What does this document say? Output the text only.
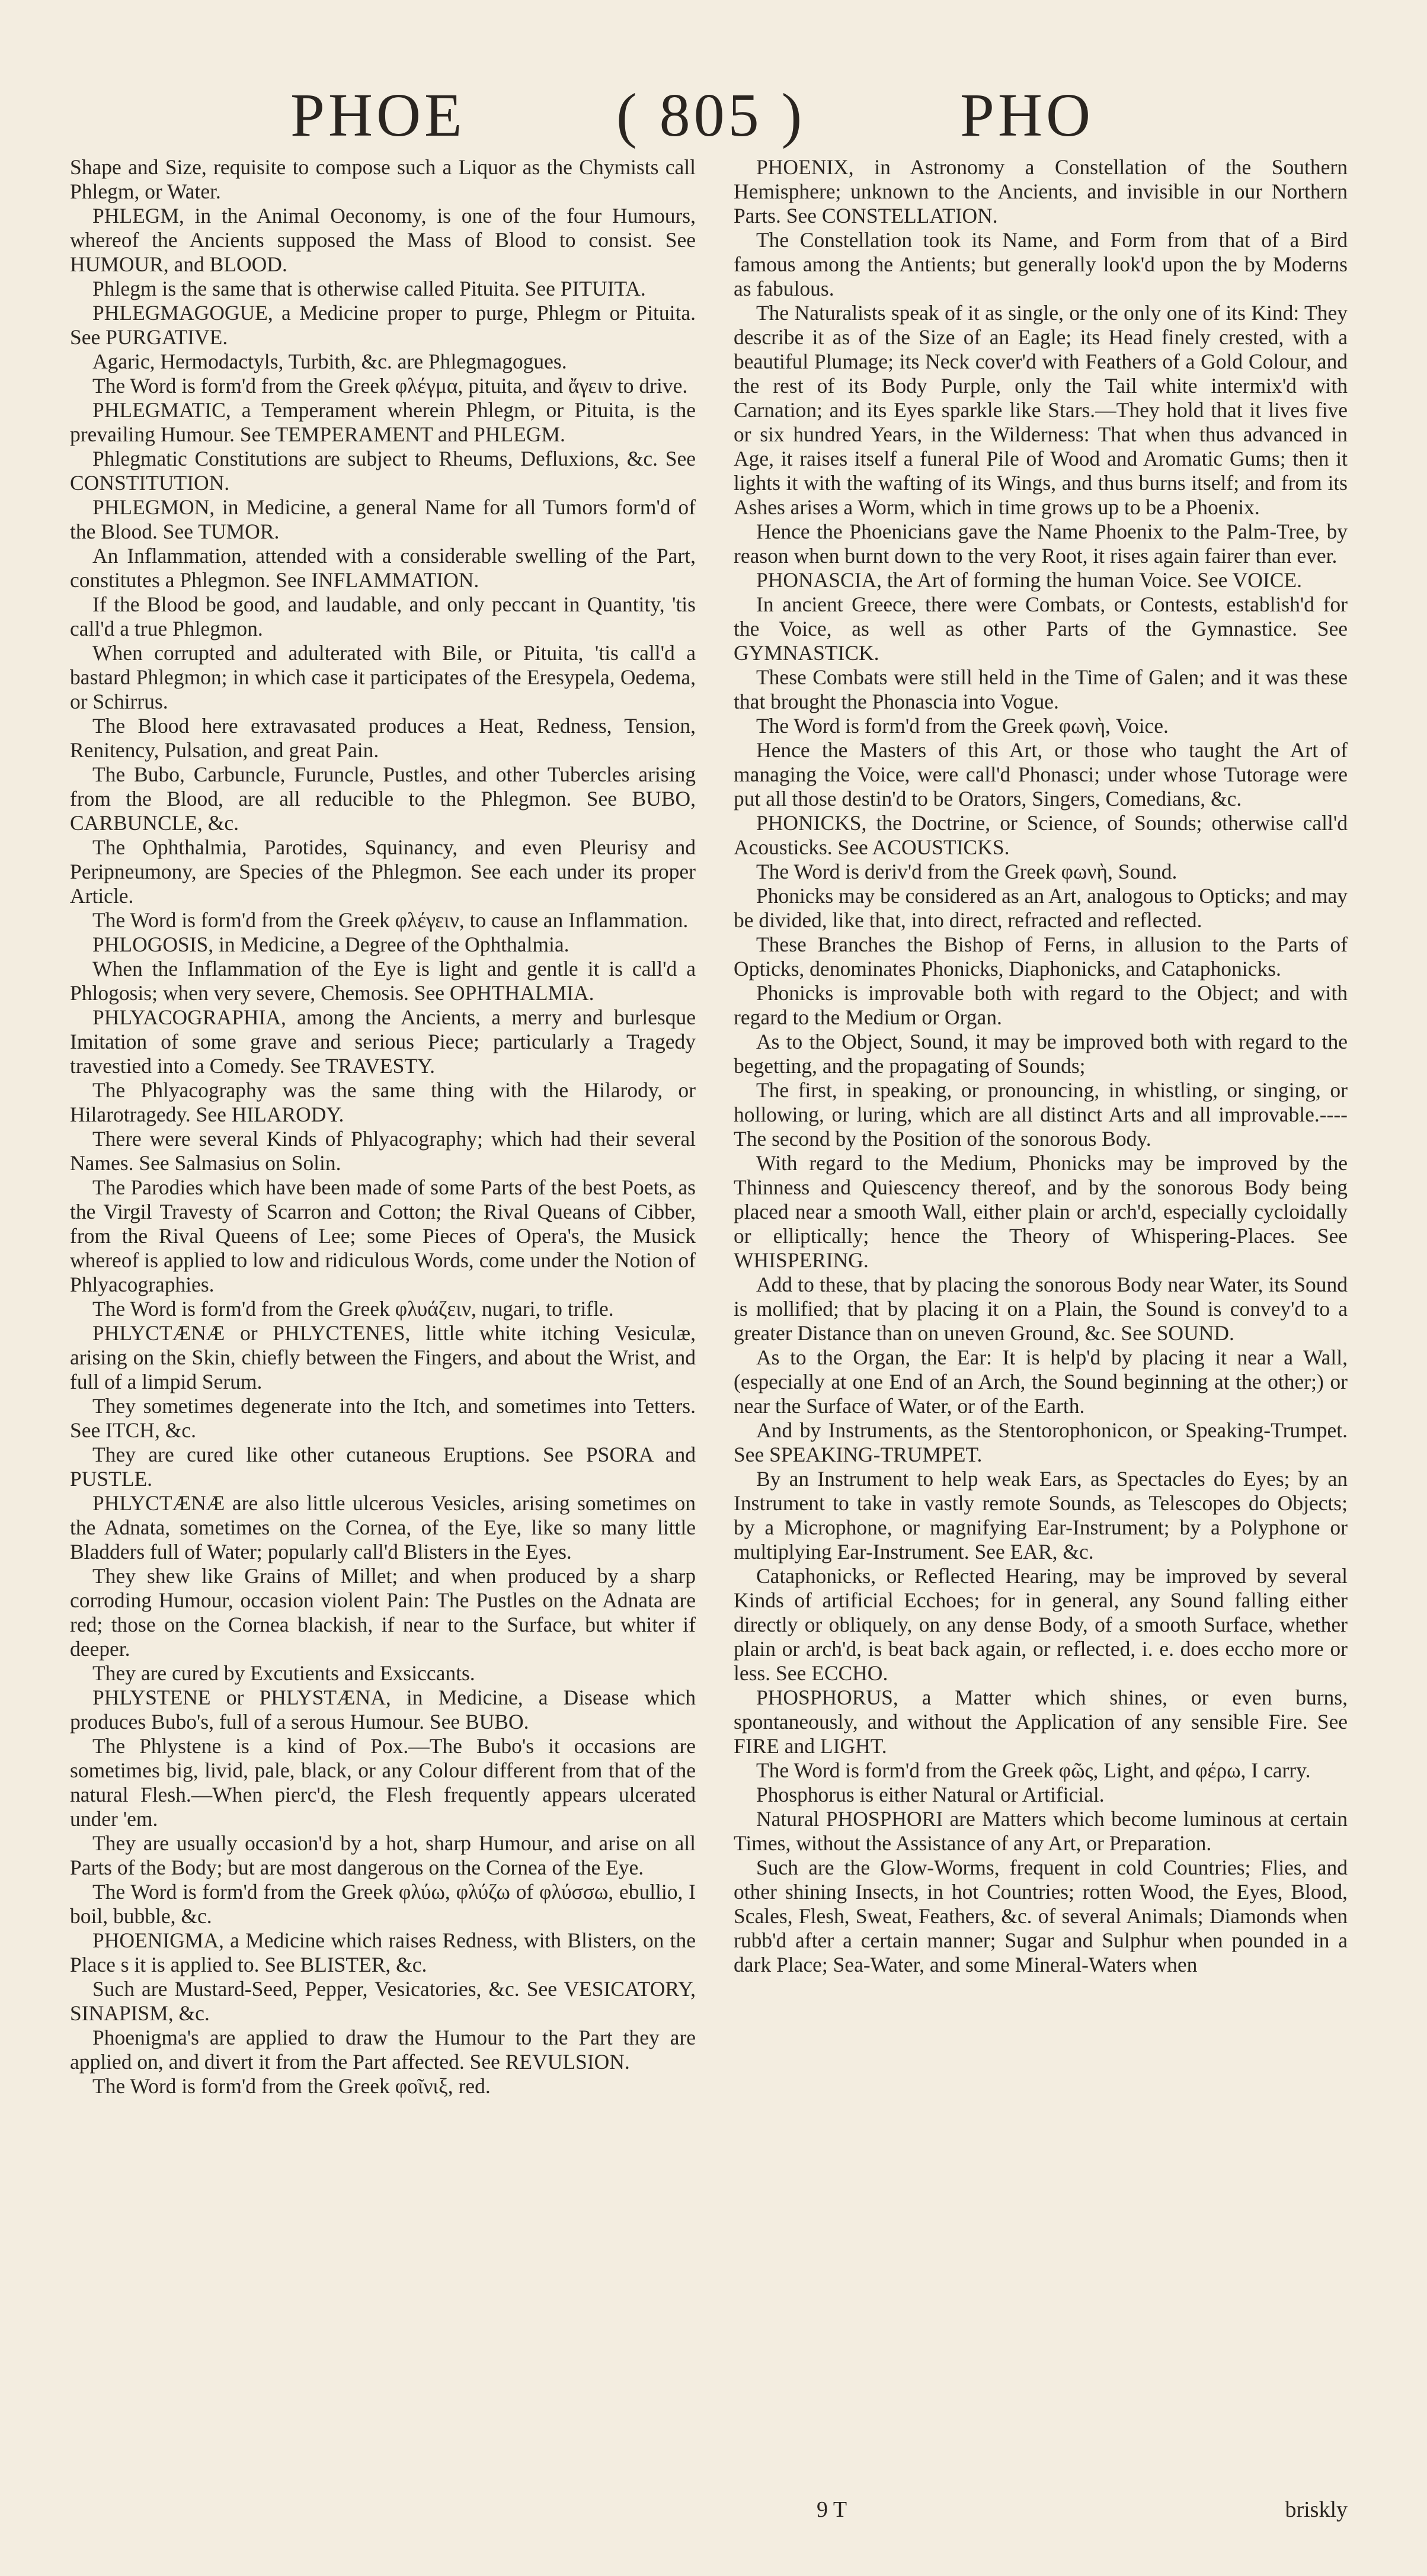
PHOE ( 805 )	PHO

Shape and Size, requisite to compose such a Liquor as the Chymists call Phlegm, or Water.

PHLEGM, in the Animal Oeconomy, is one of the four Humours, whereof the Ancients supposed the Mass of Blood to consist. See HUMOUR, and BLOOD.

Phlegm is the same that is otherwise called Pituita. See PITUITA.

PHLEGMAGOGUE, a Medicine proper to purge, Phlegm or Pituita. See PURGATIVE.

Agaric, Hermodactyls, Turbith, &c. are Phlegmagogues.

The Word is form'd from the Greek φλέγμα, pituita, and ἄγειν to drive.

PHLEGMATIC, a Temperament wherein Phlegm, or Pituita, is the prevailing Humour. See TEMPERAMENT and PHLEGM.

Phlegmatic Constitutions are subject to Rheums, Defluxions, &c. See CONSTITUTION.

PHLEGMON, in Medicine, a general Name for all Tumors form'd of the Blood. See TUMOR.

An Inflammation, attended with a considerable swelling of the Part, constitutes a Phlegmon. See INFLAMMATION.

If the Blood be good, and laudable, and only peccant in Quantity, 'tis call'd a true Phlegmon.

When corrupted and adulterated with Bile, or Pituita, 'tis call'd a bastard Phlegmon; in which case it participates of the Eresypela, Oedema, or Schirrus.

The Blood here extravasated produces a Heat, Redness, Tension, Renitency, Pulsation, and great Pain.

The Bubo, Carbuncle, Furuncle, Pustles, and other Tubercles arising from the Blood, are all reducible to the Phlegmon. See BUBO, CARBUNCLE, &c.

The Ophthalmia, Parotides, Squinancy, and even Pleurisy and Peripneumony, are Species of the Phlegmon. See each under its proper Article.

The Word is form'd from the Greek φλέγειν, to cause an Inflammation.

PHLOGOSIS, in Medicine, a Degree of the Ophthalmia.

When the Inflammation of the Eye is light and gentle it is call'd a Phlogosis; when very severe, Chemosis. See OPHTHALMIA.

PHLYACOGRAPHIA, among the Ancients, a merry and burlesque Imitation of some grave and serious Piece; particularly a Tragedy travestied into a Comedy. See TRAVESTY.

The Phlyacography was the same thing with the Hilarody, or Hilarotragedy. See HILARODY.

There were several Kinds of Phlyacography; which had their several Names. See Salmasius on Solin.

The Parodies which have been made of some Parts of the best Poets, as the Virgil Travesty of Scarron and Cotton; the Rival Queans of Cibber, from the Rival Queens of Lee; some Pieces of Opera's, the Musick whereof is applied to low and ridiculous Words, come under the Notion of Phlyacographies.

The Word is form'd from the Greek φλυάζειν, nugari, to trifle.

PHLYCTÆNÆ or PHLYCTENES, little white itching Vesiculæ, arising on the Skin, chiefly between the Fingers, and about the Wrist, and full of a limpid Serum.

They sometimes degenerate into the Itch, and sometimes into Tetters. See ITCH, &c.

They are cured like other cutaneous Eruptions. See PSORA and PUSTLE.

PHLYCTÆNÆ are also little ulcerous Vesicles, arising sometimes on the Adnata, sometimes on the Cornea, of the Eye, like so many little Bladders full of Water; popularly call'd Blisters in the Eyes.

They shew like Grains of Millet; and when produced by a sharp corroding Humour, occasion violent Pain: The Pustles on the Adnata are red; those on the Cornea blackish, if near to the Surface, but whiter if deeper.

They are cured by Excutients and Exsiccants.

PHLYSTENE or PHLYSTÆNA, in Medicine, a Disease which produces Bubo's, full of a serous Humour. See BUBO.

The Phlystene is a kind of Pox.—The Bubo's it occasions are sometimes big, livid, pale, black, or any Colour different from that of the natural Flesh.—When pierc'd, the Flesh frequently appears ulcerated under 'em.

They are usually occasion'd by a hot, sharp Humour, and arise on all Parts of the Body; but are most dangerous on the Cornea of the Eye.

The Word is form'd from the Greek φλύω, φλύζω of φλύσσω, ebullio, I boil, bubble, &c.

PHOENIGMA, a Medicine which raises Redness, with Blisters, on the Place s it is applied to. See BLISTER, &c.

Such are Mustard-Seed, Pepper, Vesicatories, &c. See VESICATORY, SINAPISM, &c.

Phoenigma's are applied to draw the Humour to the Part they are applied on, and divert it from the Part affected. See REVULSION.

The Word is form'd from the Greek φοῖνιξ, red.

PHOENIX, in Astronomy a Constellation of the Southern Hemisphere; unknown to the Ancients, and invisible in our Northern Parts. See CONSTELLATION.

The Constellation took its Name, and Form from that of a Bird famous among the Antients; but generally look'd upon the by Moderns as fabulous.

The Naturalists speak of it as single, or the only one of its Kind: They describe it as of the Size of an Eagle; its Head finely crested, with a beautiful Plumage; its Neck cover'd with Feathers of a Gold Colour, and the rest of its Body Purple, only the Tail white intermix'd with Carnation; and its Eyes sparkle like Stars.—They hold that it lives five or six hundred Years, in the Wilderness: That when thus advanced in Age, it raises itself a funeral Pile of Wood and Aromatic Gums; then it lights it with the wafting of its Wings, and thus burns itself; and from its Ashes arises a Worm, which in time grows up to be a Phoenix.

Hence the Phoenicians gave the Name Phoenix to the Palm-Tree, by reason when burnt down to the very Root, it rises again fairer than ever.

PHONASCIA, the Art of forming the human Voice. See VOICE.

In ancient Greece, there were Combats, or Contests, establish'd for the Voice, as well as other Parts of the Gymnastice. See GYMNASTICK.

These Combats were still held in the Time of Galen; and it was these that brought the Phonascia into Vogue.

The Word is form'd from the Greek φωνὴ, Voice.

Hence the Masters of this Art, or those who taught the Art of managing the Voice, were call'd Phonasci; under whose Tutorage were put all those destin'd to be Orators, Singers, Comedians, &c.

PHONICKS, the Doctrine, or Science, of Sounds; otherwise call'd Acousticks. See ACOUSTICKS.

The Word is deriv'd from the Greek φωνὴ, Sound.

Phonicks may be considered as an Art, analogous to Opticks; and may be divided, like that, into direct, refracted and reflected.

These Branches the Bishop of Ferns, in allusion to the Parts of Opticks, denominates Phonicks, Diaphonicks, and Cataphonicks.

Phonicks is improvable both with regard to the Object; and with regard to the Medium or Organ.

As to the Object, Sound, it may be improved both with regard to the begetting, and the propagating of Sounds;

The first, in speaking, or pronouncing, in whistling, or singing, or hollowing, or luring, which are all distinct Arts and all improvable.----The second by the Position of the sonorous Body.

With regard to the Medium, Phonicks may be improved by the Thinness and Quiescency thereof, and by the sonorous Body being placed near a smooth Wall, either plain or arch'd, especially cycloidally or elliptically; hence the Theory of Whispering-Places. See WHISPERING.

Add to these, that by placing the sonorous Body near Water, its Sound is mollified; that by placing it on a Plain, the Sound is convey'd to a greater Distance than on uneven Ground, &c. See SOUND.

As to the Organ, the Ear: It is help'd by placing it near a Wall, (especially at one End of an Arch, the Sound beginning at the other;) or near the Surface of Water, or of the Earth.

And by Instruments, as the Stentorophonicon, or Speaking-Trumpet. See SPEAKING-TRUMPET.

By an Instrument to help weak Ears, as Spectacles do Eyes; by an Instrument to take in vastly remote Sounds, as Telescopes do Objects; by a Microphone, or magnifying Ear-Instrument; by a Polyphone or multiplying Ear-Instrument. See EAR, &c.

Cataphonicks, or Reflected Hearing, may be improved by several Kinds of artificial Ecchoes; for in general, any Sound falling either directly or obliquely, on any dense Body, of a smooth Surface, whether plain or arch'd, is beat back again, or reflected, i. e. does eccho more or less. See ECCHO.

PHOSPHORUS, a Matter which shines, or even burns, spontaneously, and without the Application of any sensible Fire. See FIRE and LIGHT.

The Word is form'd from the Greek φῶς, Light, and φέρω, I carry.

Phosphorus is either Natural or Artificial.

Natural PHOSPHORI are Matters which become luminous at certain Times, without the Assistance of any Art, or Preparation.

Such are the Glow-Worms, frequent in cold Countries; Flies, and other shining Insects, in hot Countries; rotten Wood, the Eyes, Blood, Scales, Flesh, Sweat, Feathers, &c. of several Animals; Diamonds when rubb'd after a certain manner; Sugar and Sulphur when pounded in a dark Place; Sea-Water, and some Mineral-Waters when

9 T	briskly
